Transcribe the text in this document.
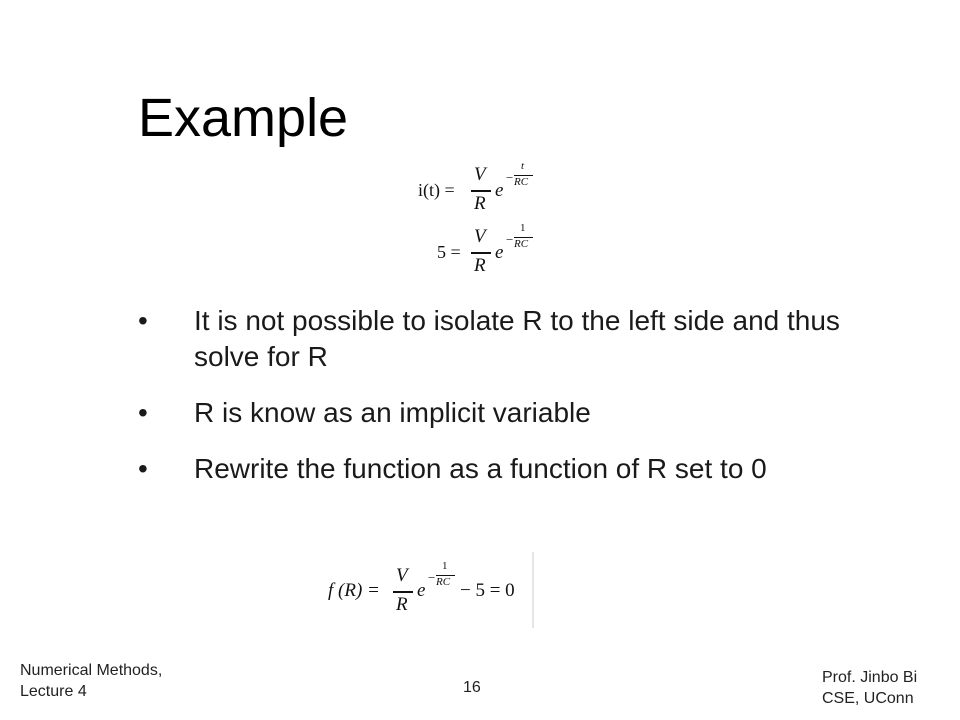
Example
i(t) =
V
R
e
−
t
RC
5 =
V
R
e
−
1
RC
•	It is not possible to isolate R to the left side and thus solve for R
•	R is know as an implicit variable
•	Rewrite the function as a function of R set to 0
f (R) =
V
R
e
−
1
RC − 5 = 0
Numerical Methods,
Lecture 4	16
Prof. Jinbo Bi
CSE, UConn
